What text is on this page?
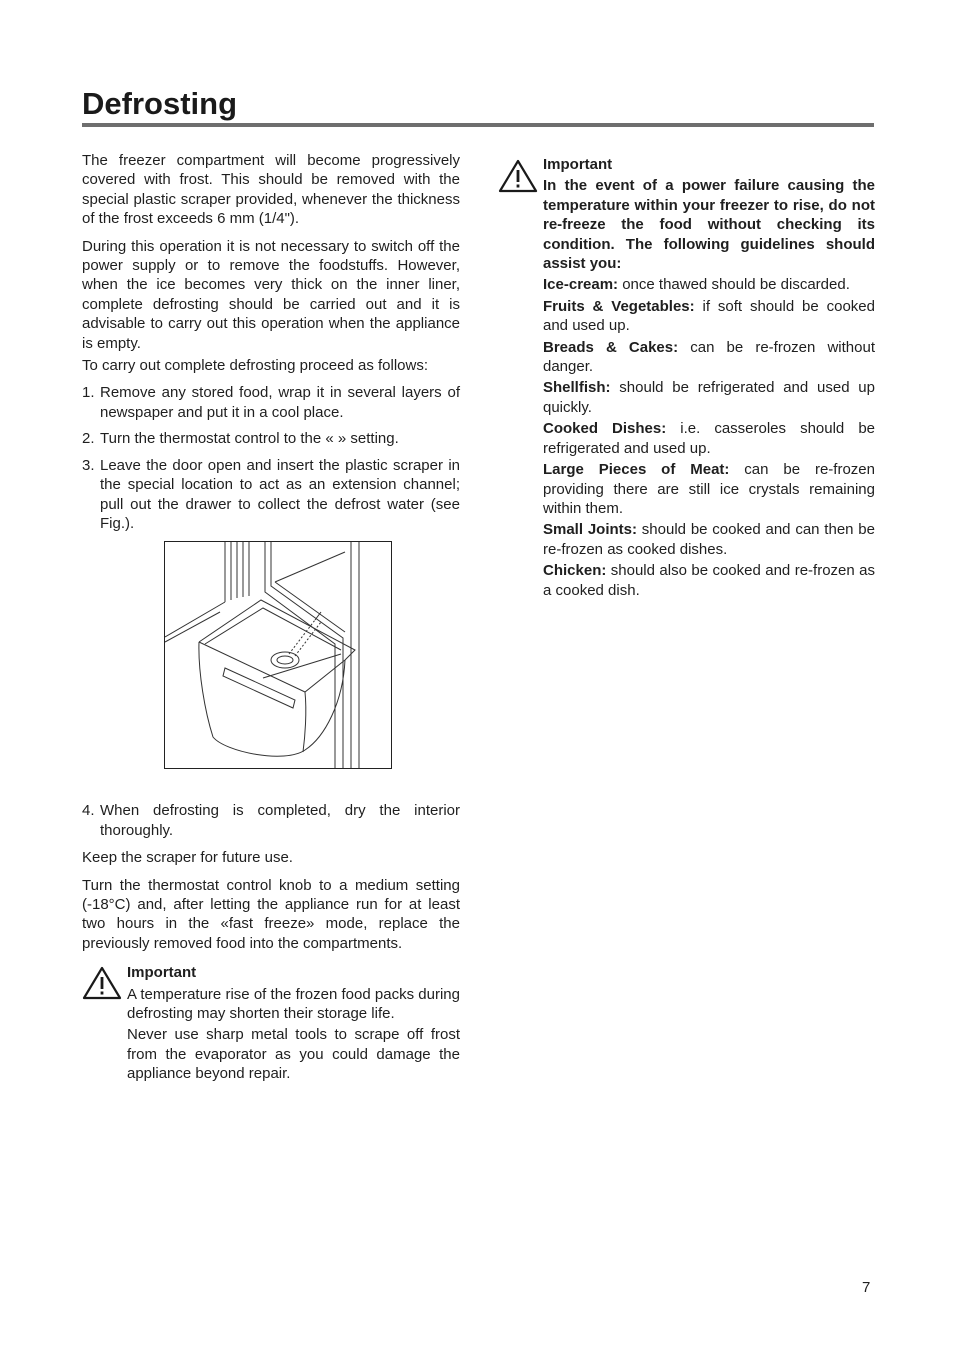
Defrosting

The freezer compartment will become progressively covered with frost. This should be removed with the special plastic scraper provided, whenever the thickness of the frost exceeds 6 mm (1/4").

During this operation it is not necessary to switch off the power supply or to remove the foodstuffs. However, when the ice becomes very thick on the inner liner, complete defrosting should be carried out and it is advisable to carry out this operation when the appliance is empty.

To carry out complete defrosting proceed as follows:

1. Remove any stored food, wrap it in several layers of newspaper and put it in a cool place.
2. Turn the thermostat control to the « » setting.
3. Leave the door open and insert the plastic scraper in the special location to act as an extension channel; pull out the drawer to collect the defrost water (see Fig.).
4. When defrosting is completed, dry the interior thoroughly.

Keep the scraper for future use.

Turn the thermostat control knob to a medium setting (-18°C) and, after letting the appliance run for at least two hours in the «fast freeze» mode, replace the previously removed food into the compartments.

Important

A temperature rise of the frozen food packs during defrosting may shorten their storage life.

Never use sharp metal tools to scrape off frost from the evaporator as you could damage the appliance beyond repair.

Important

In the event of a power failure causing the temperature within your freezer to rise, do not re-freeze the food without checking its condition. The following guidelines should assist you:

Ice-cream: once thawed should be discarded.

Fruits & Vegetables: if soft should be cooked and used up.

Breads & Cakes: can be re-frozen without danger.

Shellfish: should be refrigerated and used up quickly.

Cooked Dishes: i.e. casseroles should be refrigerated and used up.

Large Pieces of Meat: can be re-frozen providing there are still ice crystals remaining within them.

Small Joints: should be cooked and can then be re-frozen as cooked dishes.

Chicken: should also be cooked and re-frozen as a cooked dish.

7
